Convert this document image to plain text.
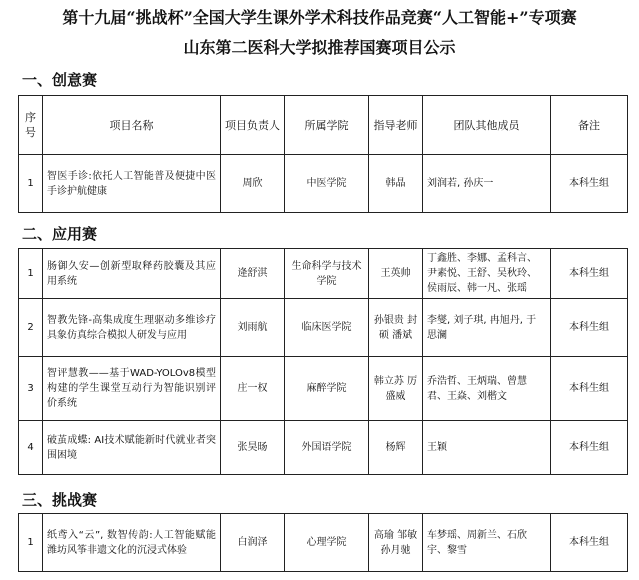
第十九届“挑战杯”全国大学生课外学术科技作品竞赛“人工智能+”专项赛
山东第二医科大学拟推荐国赛项目公示
一、创意赛
序号	项目名称	项目负责人	所属学院	指导老师	团队其他成员	备注
1	智医手诊:依托人工智能普及便捷中医手诊护航健康	周欣	中医学院	韩晶	刘润若, 孙庆一	本科生组
二、应用赛
1	肠御久安—创新型取释药胶囊及其应用系统	逄舒淇	生命科学与技术学院	王英帅	丁鑫胜、李娜、孟科言、尹素悦、王舒、吴秋玲、侯雨辰、韩一凡、张瑶	本科生组
2	智教先锋-高集成度生理驱动多维诊疗具象仿真综合模拟人研发与应用	刘雨航	临床医学院	孙银贵 封硕 潘斌	李燮, 刘子琪, 冉旭丹, 于思澜	本科生组
3	智评慧教——基于WAD-YOLOv8模型构建的学生课堂互动行为智能识别评价系统	庄一权	麻醉学院	韩立苏 厉盛威	乔浩哲、王炳瑞、曾慧君、王焱、刘楷文	本科生组
4	破茧成蝶: AI技术赋能新时代就业者突围困境	张昊旸	外国语学院	杨辉	王颖	本科生组
三、挑战赛
1	纸鸢入“云”, 数智传韵:人工智能赋能潍坊风筝非遗文化的沉浸式体验	白润泽	心理学院	高瑜 邹敏 孙月驰	车梦瑶、周新兰、石欣宇、黎雪	本科生组
